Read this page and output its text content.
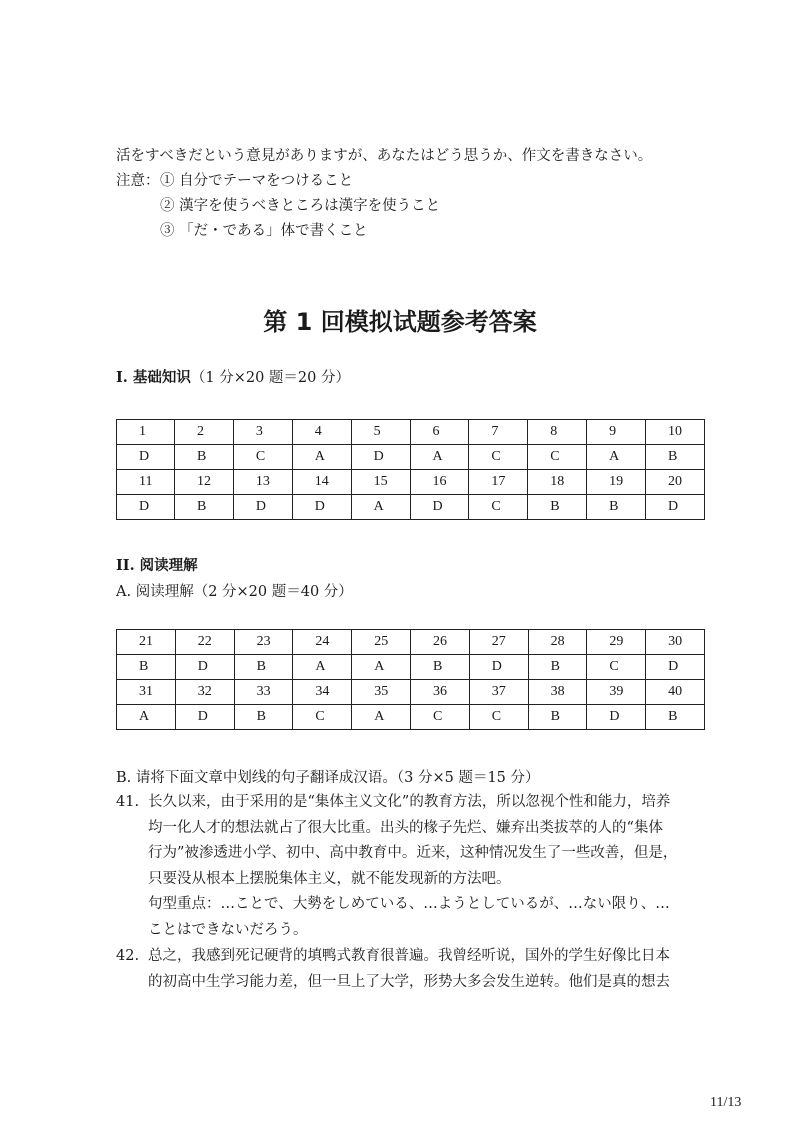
活をすべきだという意見がありますが、あなたはどう思うか、作文を書きなさい。
注意： ① 自分でテーマをつけること
② 漢字を使うべきところは漢字を使うこと
③ 「だ・である」体で書くこと
第 1 回模拟试题参考答案
I. 基础知识（1 分×20 题＝20 分）
1	2	3	4	5	6	7	8	9	10
D	B	C	A	D	A	C	C	A	B
11	12	13	14	15	16	17	18	19	20
D	B	D	D	A	D	C	B	B	D
II. 阅读理解
A. 阅读理解（2 分×20 题＝40 分）
21	22	23	24	25	26	27	28	29	30
B	D	B	A	A	B	D	B	C	D
31	32	33	34	35	36	37	38	39	40
A	D	B	C	A	C	C	B	D	B
B. 请将下面文章中划线的句子翻译成汉语。（3 分×5 题＝15 分）
41. 长久以来，由于采用的是“集体主义文化”的教育方法，所以忽视个性和能力，培养
均一化人才的想法就占了很大比重。出头的椽子先烂、嫌弃出类拔萃的人的“集体
行为”被渗透进小学、初中、高中教育中。近来，这种情况发生了一些改善，但是，
只要没从根本上摆脱集体主义，就不能发现新的方法吧。
句型重点：…ことで、大勢をしめている、…ようとしているが、…ない限り、…
ことはできないだろう。
42. 总之，我感到死记硬背的填鸭式教育很普遍。我曾经听说，国外的学生好像比日本
的初高中生学习能力差，但一旦上了大学，形势大多会发生逆转。他们是真的想去
11/13
